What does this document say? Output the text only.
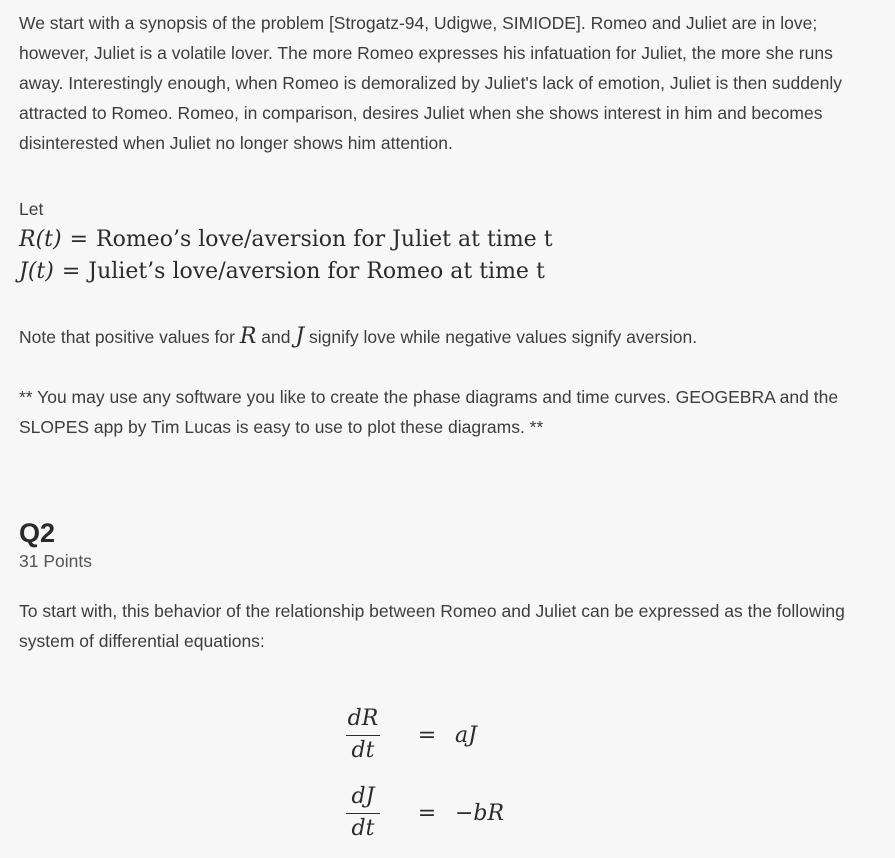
We start with a synopsis of the problem [Strogatz-94, Udigwe, SIMIODE]. Romeo and Juliet are in love; however, Juliet is a volatile lover. The more Romeo expresses his infatuation for Juliet, the more she runs away. Interestingly enough, when Romeo is demoralized by Juliet's lack of emotion, Juliet is then suddenly attracted to Romeo. Romeo, in comparison, desires Juliet when she shows interest in him and becomes disinterested when Juliet no longer shows him attention.

Let
R(t) = Romeo’s love/aversion for Juliet at time t
J(t) = Juliet’s love/aversion for Romeo at time t

Note that positive values for R and J signify love while negative values signify aversion.

** You may use any software you like to create the phase diagrams and time curves. GEOGEBRA and the SLOPES app by Tim Lucas is easy to use to plot these diagrams. **

Q2
31 Points

To start with, this behavior of the relationship between Romeo and Juliet can be expressed as the following system of differential equations:

$\frac{dR}{dt}$ = aJ
$\frac{dJ}{dt} = -bR$
